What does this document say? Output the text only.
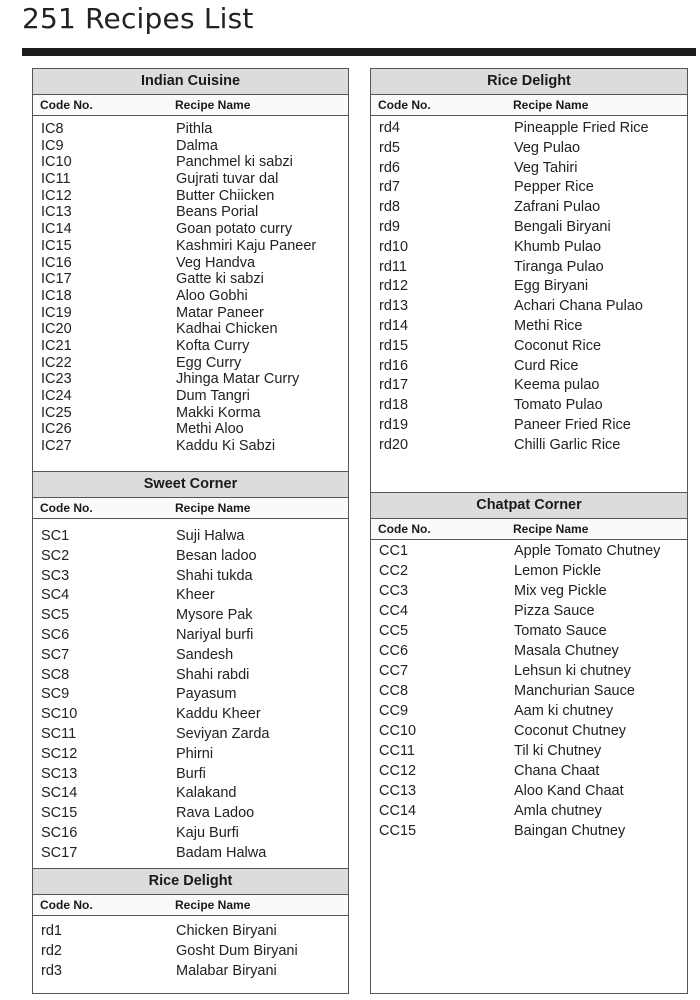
251 Recipes List
Indian Cuisine
Code No.	Recipe Name
IC8	Pithla
IC9	Dalma
IC10	Panchmel ki sabzi
IC11	Gujrati tuvar dal
IC12	Butter Chiicken
IC13	Beans Porial
IC14	Goan potato curry
IC15	Kashmiri Kaju Paneer
IC16	Veg Handva
IC17	Gatte ki sabzi
IC18	Aloo Gobhi
IC19	Matar Paneer
IC20	Kadhai Chicken
IC21	Kofta Curry
IC22	Egg Curry
IC23	Jhinga Matar Curry
IC24	Dum Tangri
IC25	Makki Korma
IC26	Methi Aloo
IC27	Kaddu Ki Sabzi
Sweet Corner
Code No.	Recipe Name
SC1	Suji Halwa
SC2	Besan ladoo
SC3	Shahi tukda
SC4	Kheer
SC5	Mysore Pak
SC6	Nariyal burfi
SC7	Sandesh
SC8	Shahi rabdi
SC9	Payasum
SC10	Kaddu Kheer
SC11	Seviyan Zarda
SC12	Phirni
SC13	Burfi
SC14	Kalakand
SC15	Rava Ladoo
SC16	Kaju Burfi
SC17	Badam Halwa
Rice Delight
Code No.	Recipe Name
rd1	Chicken Biryani
rd2	Gosht Dum Biryani
rd3	Malabar Biryani
Rice Delight
Code No.	Recipe Name
rd4	Pineapple Fried Rice
rd5	Veg Pulao
rd6	Veg Tahiri
rd7	Pepper Rice
rd8	Zafrani Pulao
rd9	Bengali Biryani
rd10	Khumb Pulao
rd11	Tiranga Pulao
rd12	Egg Biryani
rd13	Achari Chana Pulao
rd14	Methi Rice
rd15	Coconut Rice
rd16	Curd Rice
rd17	Keema pulao
rd18	Tomato Pulao
rd19	Paneer Fried Rice
rd20	Chilli Garlic Rice
Chatpat Corner
Code No.	Recipe Name
CC1	Apple Tomato Chutney
CC2	Lemon Pickle
CC3	Mix veg Pickle
CC4	Pizza Sauce
CC5	Tomato Sauce
CC6	Masala Chutney
CC7	Lehsun ki chutney
CC8	Manchurian Sauce
CC9	Aam ki chutney
CC10	Coconut Chutney
CC11	Til ki Chutney
CC12	Chana Chaat
CC13	Aloo Kand Chaat
CC14	Amla chutney
CC15	Baingan Chutney
